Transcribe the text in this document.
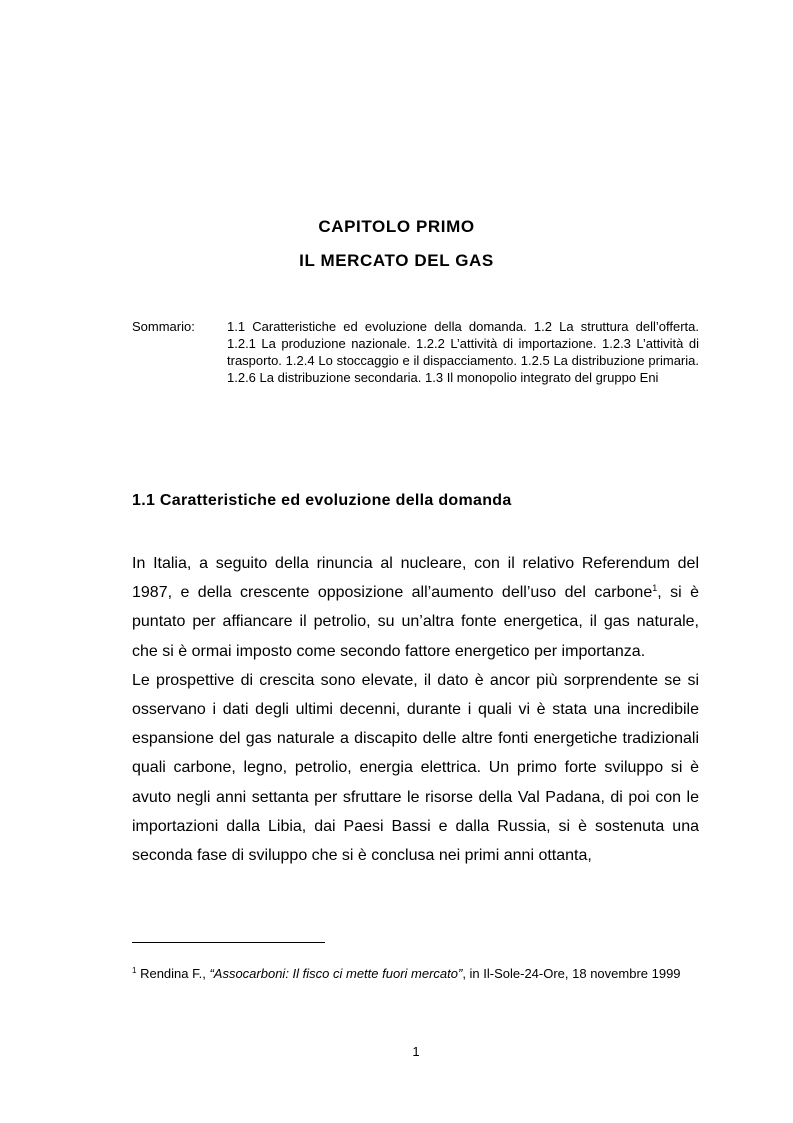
CAPITOLO PRIMO
IL MERCATO DEL GAS
Sommario: 1.1 Caratteristiche ed evoluzione della domanda. 1.2 La struttura dell’offerta. 1.2.1 La produzione nazionale. 1.2.2 L’attività di importazione. 1.2.3 L’attività di trasporto. 1.2.4 Lo stoccaggio e il dispacciamento. 1.2.5 La distribuzione primaria. 1.2.6 La distribuzione secondaria. 1.3 Il monopolio integrato del gruppo Eni
1.1 Caratteristiche ed evoluzione della domanda

In Italia, a seguito della rinuncia al nucleare, con il relativo Referendum del 1987, e della crescente opposizione all’aumento dell’uso del carbone$^1$, si è puntato per affiancare il petrolio, su un’altra fonte energetica, il gas naturale, che si è ormai imposto come secondo fattore energetico per importanza.

Le prospettive di crescita sono elevate, il dato è ancor più sorprendente se si osservano i dati degli ultimi decenni, durante i quali vi è stata una incredibile espansione del gas naturale a discapito delle altre fonti energetiche tradizionali quali carbone, legno, petrolio, energia elettrica. Un primo forte sviluppo si è avuto negli anni settanta per sfruttare le risorse della Val Padana, di poi con le importazioni dalla Libia, dai Paesi Bassi e dalla Russia, si è sostenuta una seconda fase di sviluppo che si è conclusa nei primi anni ottanta,

$^1$ Rendina F., “Assocarboni: Il fisco ci mette fuori mercato”, in Il-Sole-24-Ore, 18 novembre 1999
1
